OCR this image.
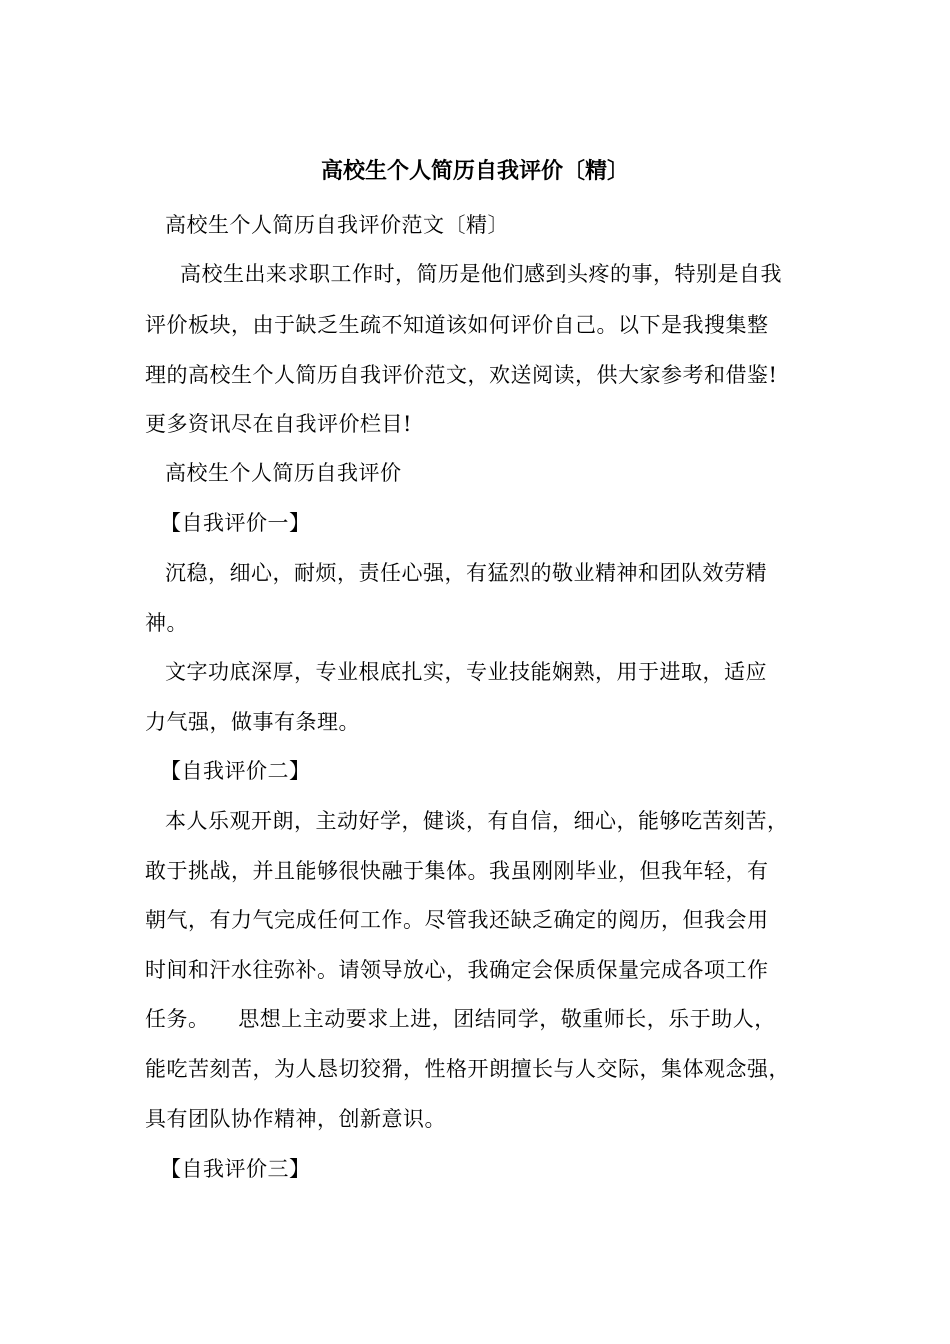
高校生个人简历自我评价〔精〕
高校生个人简历自我评价范文〔精〕
高校生出来求职工作时，简历是他们感到头疼的事，特别是自我
评价板块，由于缺乏生疏不知道该如何评价自己。以下是我搜集整
理的高校生个人简历自我评价范文，欢送阅读，供大家参考和借鉴!
更多资讯尽在自我评价栏目!
高校生个人简历自我评价
【自我评价一】
沉稳，细心，耐烦，责任心强，有猛烈的敬业精神和团队效劳精
神。
文字功底深厚，专业根底扎实，专业技能娴熟，用于进取，适应
力气强，做事有条理。
【自我评价二】
本人乐观开朗，主动好学，健谈，有自信，细心，能够吃苦刻苦，
敢于挑战，并且能够很快融于集体。我虽刚刚毕业，但我年轻，有
朝气，有力气完成任何工作。尽管我还缺乏确定的阅历，但我会用
时间和汗水往弥补。请领导放心，我确定会保质保量完成各项工作
任务。    思想上主动要求上进，团结同学，敬重师长，乐于助人，
能吃苦刻苦，为人恳切狡猾，性格开朗擅长与人交际，集体观念强，
具有团队协作精神，创新意识。
【自我评价三】
